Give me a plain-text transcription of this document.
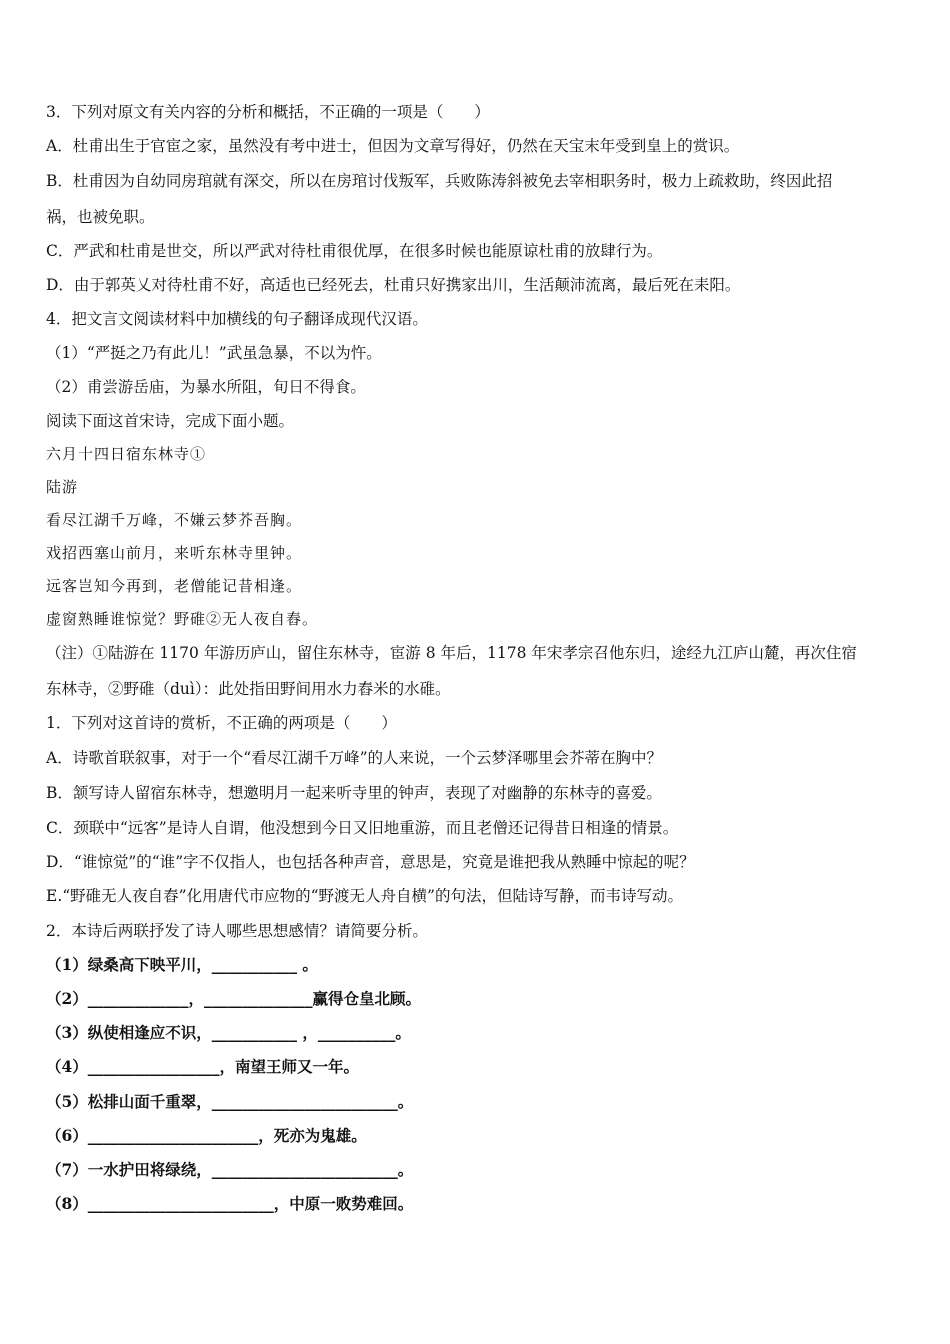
3．下列对原文有关内容的分析和概括，不正确的一项是（　　）
A．杜甫出生于官宦之家，虽然没有考中进士，但因为文章写得好，仍然在天宝末年受到皇上的赏识。
B．杜甫因为自幼同房琯就有深交，所以在房琯讨伐叛军，兵败陈涛斜被免去宰相职务时，极力上疏救助，终因此招
祸，也被免职。
C．严武和杜甫是世交，所以严武对待杜甫很优厚，在很多时候也能原谅杜甫的放肆行为。
D．由于郭英乂对待杜甫不好，高适也已经死去，杜甫只好携家出川，生活颠沛流离，最后死在耒阳。
4．把文言文阅读材料中加横线的句子翻译成现代汉语。
（1）“严挺之乃有此儿！”武虽急暴，不以为忤。
（2）甫尝游岳庙，为暴水所阻，旬日不得食。
阅读下面这首宋诗，完成下面小题。
六月十四日宿东林寺①
陆游
看尽江湖千万峰，不嫌云梦芥吾胸。
戏招西塞山前月，来听东林寺里钟。
远客岂知今再到，老僧能记昔相逢。
虚窗熟睡谁惊觉？野碓②无人夜自舂。
（注）①陆游在 1170 年游历庐山，留住东林寺，宦游 8 年后，1178 年宋孝宗召他东归，途经九江庐山麓，再次住宿
东林寺，②野碓（duì）：此处指田野间用水力舂米的水碓。
1．下列对这首诗的赏析，不正确的两项是（　　）
A．诗歌首联叙事，对于一个“看尽江湖千万峰”的人来说，一个云梦泽哪里会芥蒂在胸中？
B．颔写诗人留宿东林寺，想邀明月一起来听寺里的钟声，表现了对幽静的东林寺的喜爱。
C．颈联中“远客”是诗人自谓，他没想到今日又旧地重游，而且老僧还记得昔日相逢的情景。
D．“谁惊觉”的“谁”字不仅指人，也包括各种声音，意思是，究竟是谁把我从熟睡中惊起的呢？
E.“野碓无人夜自舂”化用唐代市应物的“野渡无人舟自横”的句法，但陆诗写静，而韦诗写动。
2．本诗后两联抒发了诗人哪些思想感情？请简要分析。
（1）绿桑高下映平川，___________ 。
（2）_____________，______________赢得仓皇北顾。
（3）纵使相逢应不识，___________ ，__________。
（4）_________________，南望王师又一年。
（5）松排山面千重翠，________________________。
（6）______________________，死亦为鬼雄。
（7）一水护田将绿绕，________________________。
（8）________________________，中原一败势难回。
